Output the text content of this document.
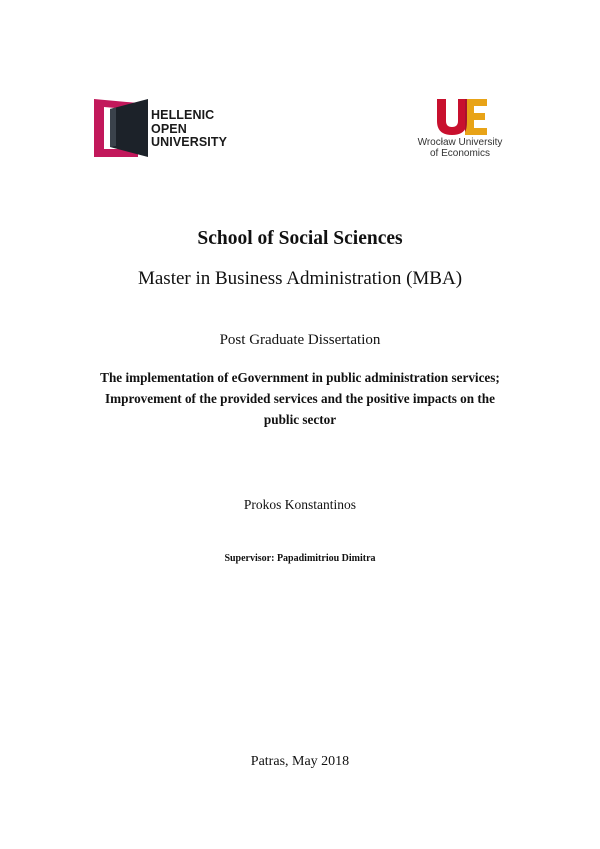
HELLENIC
OPEN
UNIVERSITY	Wrocław University
of Economics
School of Social Sciences
Master in Business Administration (MBA)
Post Graduate Dissertation
The implementation of eGovernment in public administration services;
Improvement of the provided services and the positive impacts on the
public sector
Prokos Konstantinos
Supervisor: Papadimitriou Dimitra
Patras, May 2018
